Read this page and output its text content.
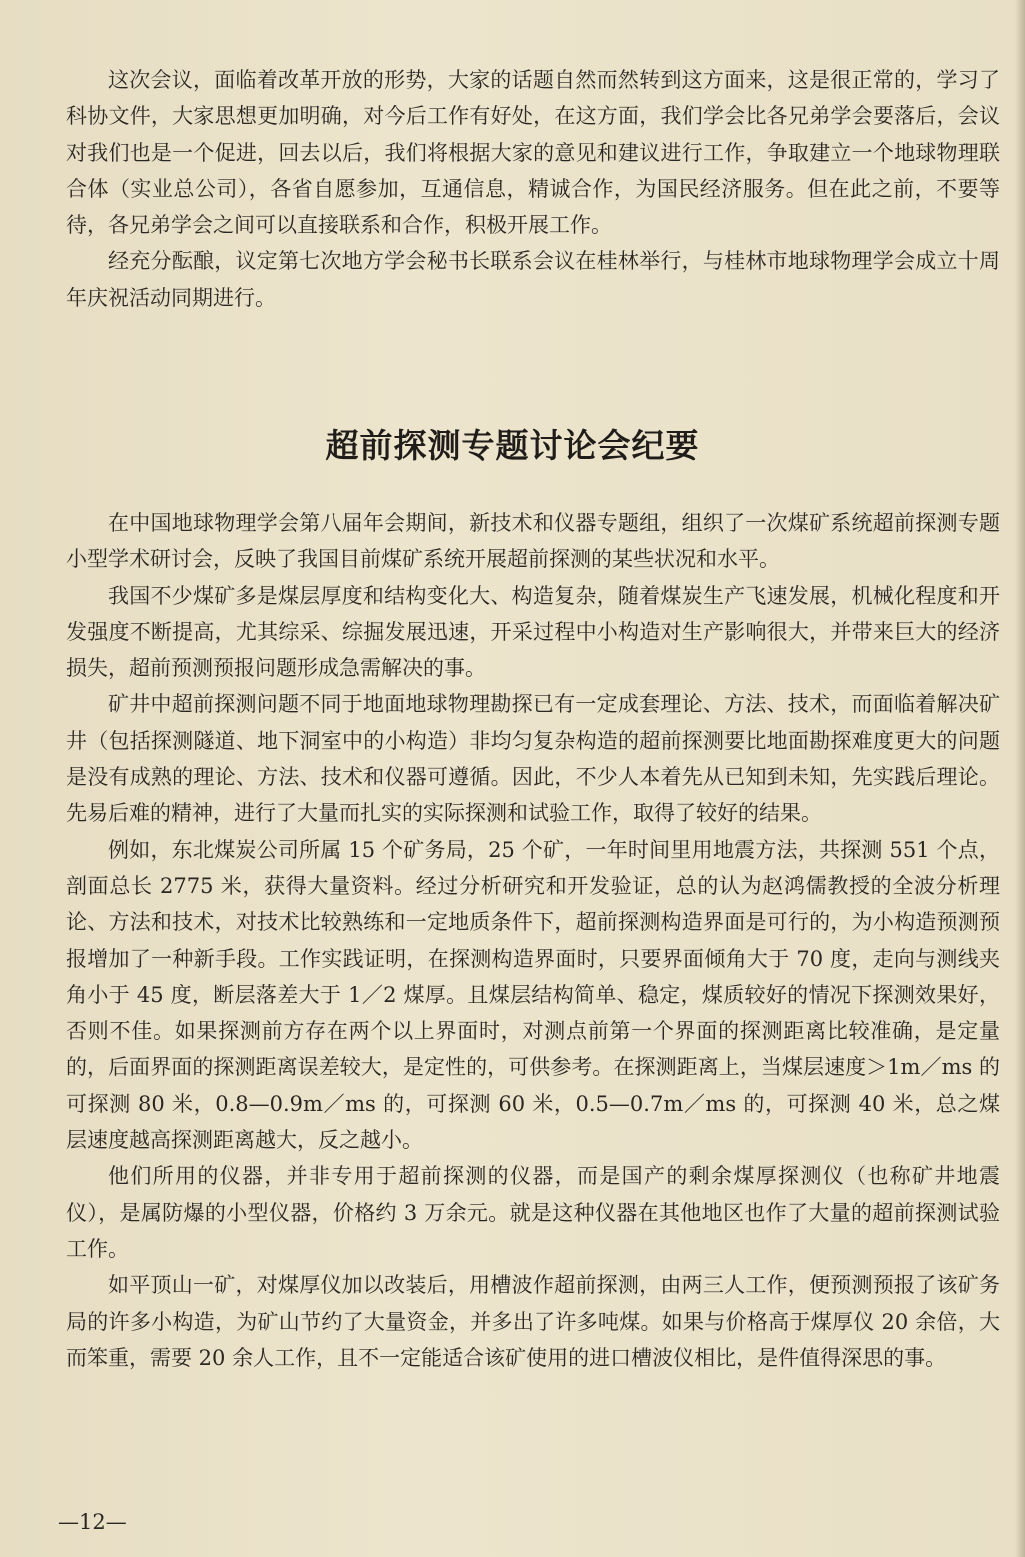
这次会议，面临着改革开放的形势，大家的话题自然而然转到这方面来，这是很正常的，学习了科协文件，大家思想更加明确，对今后工作有好处，在这方面，我们学会比各兄弟学会要落后，会议对我们也是一个促进，回去以后，我们将根据大家的意见和建议进行工作，争取建立一个地球物理联合体（实业总公司），各省自愿参加，互通信息，精诚合作，为国民经济服务。但在此之前，不要等待，各兄弟学会之间可以直接联系和合作，积极开展工作。

经充分酝酿，议定第七次地方学会秘书长联系会议在桂林举行，与桂林市地球物理学会成立十周年庆祝活动同期进行。

超前探测专题讨论会纪要

在中国地球物理学会第八届年会期间，新技术和仪器专题组，组织了一次煤矿系统超前探测专题小型学术研讨会，反映了我国目前煤矿系统开展超前探测的某些状况和水平。

我国不少煤矿多是煤层厚度和结构变化大、构造复杂，随着煤炭生产飞速发展，机械化程度和开发强度不断提高，尤其综采、综掘发展迅速，开采过程中小构造对生产影响很大，并带来巨大的经济损失，超前预测预报问题形成急需解决的事。

矿井中超前探测问题不同于地面地球物理勘探已有一定成套理论、方法、技术，而面临着解决矿井（包括探测隧道、地下洞室中的小构造）非均匀复杂构造的超前探测要比地面勘探难度更大的问题是没有成熟的理论、方法、技术和仪器可遵循。因此，不少人本着先从已知到未知，先实践后理论。先易后难的精神，进行了大量而扎实的实际探测和试验工作，取得了较好的结果。

例如，东北煤炭公司所属 15 个矿务局，25 个矿，一年时间里用地震方法，共探测 551 个点，剖面总长 2775 米，获得大量资料。经过分析研究和开发验证，总的认为赵鸿儒教授的全波分析理论、方法和技术，对技术比较熟练和一定地质条件下，超前探测构造界面是可行的，为小构造预测预报增加了一种新手段。工作实践证明，在探测构造界面时，只要界面倾角大于 70 度，走向与测线夹角小于 45 度，断层落差大于 1／2 煤厚。且煤层结构简单、稳定，煤质较好的情况下探测效果好，否则不佳。如果探测前方存在两个以上界面时，对测点前第一个界面的探测距离比较准确，是定量的，后面界面的探测距离误差较大，是定性的，可供参考。在探测距离上，当煤层速度＞1m／ms 的可探测 80 米，0.8—0.9m／ms 的，可探测 60 米，0.5—0.7m／ms 的，可探测 40 米，总之煤层速度越高探测距离越大，反之越小。

他们所用的仪器，并非专用于超前探测的仪器，而是国产的剩余煤厚探测仪（也称矿井地震仪），是属防爆的小型仪器，价格约 3 万余元。就是这种仪器在其他地区也作了大量的超前探测试验工作。

如平顶山一矿，对煤厚仪加以改装后，用槽波作超前探测，由两三人工作，便预测预报了该矿务局的许多小构造，为矿山节约了大量资金，并多出了许多吨煤。如果与价格高于煤厚仪 20 余倍，大而笨重，需要 20 余人工作，且不一定能适合该矿使用的进口槽波仪相比，是件值得深思的事。

—12—
